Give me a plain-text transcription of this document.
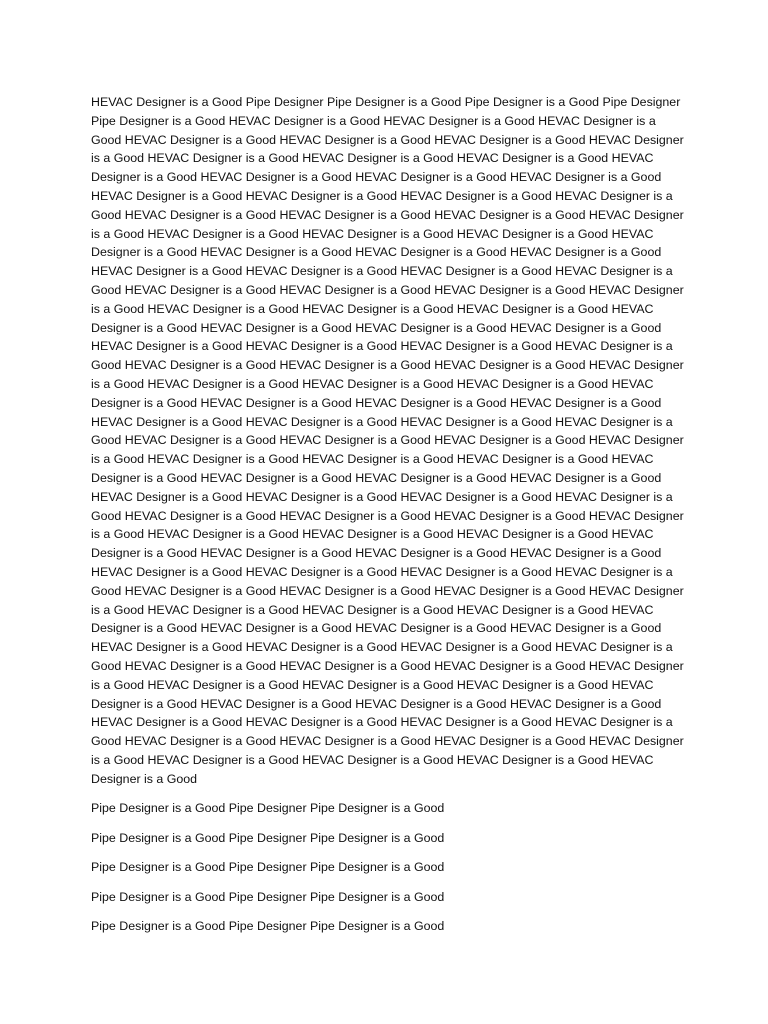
HEVAC Designer is a Good Pipe Designer Pipe Designer is a Good Pipe Designer is a Good Pipe Designer
Pipe Designer is a Good HEVAC Designer is a Good HEVAC Designer is a Good HEVAC Designer is a
Good HEVAC Designer is a Good HEVAC Designer is a Good HEVAC Designer is a Good HEVAC Designer
is a Good HEVAC Designer is a Good HEVAC Designer is a Good HEVAC Designer is a Good HEVAC
Designer is a Good HEVAC Designer is a Good HEVAC Designer is a Good HEVAC Designer is a Good
HEVAC Designer is a Good HEVAC Designer is a Good HEVAC Designer is a Good HEVAC Designer is a
Good HEVAC Designer is a Good HEVAC Designer is a Good HEVAC Designer is a Good HEVAC Designer
is a Good HEVAC Designer is a Good HEVAC Designer is a Good HEVAC Designer is a Good HEVAC
Designer is a Good HEVAC Designer is a Good HEVAC Designer is a Good HEVAC Designer is a Good
HEVAC Designer is a Good HEVAC Designer is a Good HEVAC Designer is a Good HEVAC Designer is a
Good HEVAC Designer is a Good HEVAC Designer is a Good HEVAC Designer is a Good HEVAC Designer
is a Good HEVAC Designer is a Good HEVAC Designer is a Good HEVAC Designer is a Good HEVAC
Designer is a Good HEVAC Designer is a Good HEVAC Designer is a Good HEVAC Designer is a Good
HEVAC Designer is a Good HEVAC Designer is a Good HEVAC Designer is a Good HEVAC Designer is a
Good HEVAC Designer is a Good HEVAC Designer is a Good HEVAC Designer is a Good HEVAC Designer
is a Good HEVAC Designer is a Good HEVAC Designer is a Good HEVAC Designer is a Good HEVAC
Designer is a Good HEVAC Designer is a Good HEVAC Designer is a Good HEVAC Designer is a Good
HEVAC Designer is a Good HEVAC Designer is a Good HEVAC Designer is a Good HEVAC Designer is a
Good HEVAC Designer is a Good HEVAC Designer is a Good HEVAC Designer is a Good HEVAC Designer
is a Good HEVAC Designer is a Good HEVAC Designer is a Good HEVAC Designer is a Good HEVAC
Designer is a Good HEVAC Designer is a Good HEVAC Designer is a Good HEVAC Designer is a Good
HEVAC Designer is a Good HEVAC Designer is a Good HEVAC Designer is a Good HEVAC Designer is a
Good HEVAC Designer is a Good HEVAC Designer is a Good HEVAC Designer is a Good HEVAC Designer
is a Good HEVAC Designer is a Good HEVAC Designer is a Good HEVAC Designer is a Good HEVAC
Designer is a Good HEVAC Designer is a Good HEVAC Designer is a Good HEVAC Designer is a Good
HEVAC Designer is a Good HEVAC Designer is a Good HEVAC Designer is a Good HEVAC Designer is a
Good HEVAC Designer is a Good HEVAC Designer is a Good HEVAC Designer is a Good HEVAC Designer
is a Good HEVAC Designer is a Good HEVAC Designer is a Good HEVAC Designer is a Good HEVAC
Designer is a Good HEVAC Designer is a Good HEVAC Designer is a Good HEVAC Designer is a Good
HEVAC Designer is a Good HEVAC Designer is a Good HEVAC Designer is a Good HEVAC Designer is a
Good HEVAC Designer is a Good HEVAC Designer is a Good HEVAC Designer is a Good HEVAC Designer
is a Good HEVAC Designer is a Good HEVAC Designer is a Good HEVAC Designer is a Good HEVAC
Designer is a Good HEVAC Designer is a Good HEVAC Designer is a Good HEVAC Designer is a Good
HEVAC Designer is a Good HEVAC Designer is a Good HEVAC Designer is a Good HEVAC Designer is a
Good HEVAC Designer is a Good HEVAC Designer is a Good HEVAC Designer is a Good HEVAC Designer
is a Good HEVAC Designer is a Good HEVAC Designer is a Good HEVAC Designer is a Good HEVAC
Designer is a Good

Pipe Designer is a Good Pipe Designer Pipe Designer is a Good

Pipe Designer is a Good Pipe Designer Pipe Designer is a Good

Pipe Designer is a Good Pipe Designer Pipe Designer is a Good

Pipe Designer is a Good Pipe Designer Pipe Designer is a Good

Pipe Designer is a Good Pipe Designer Pipe Designer is a Good
